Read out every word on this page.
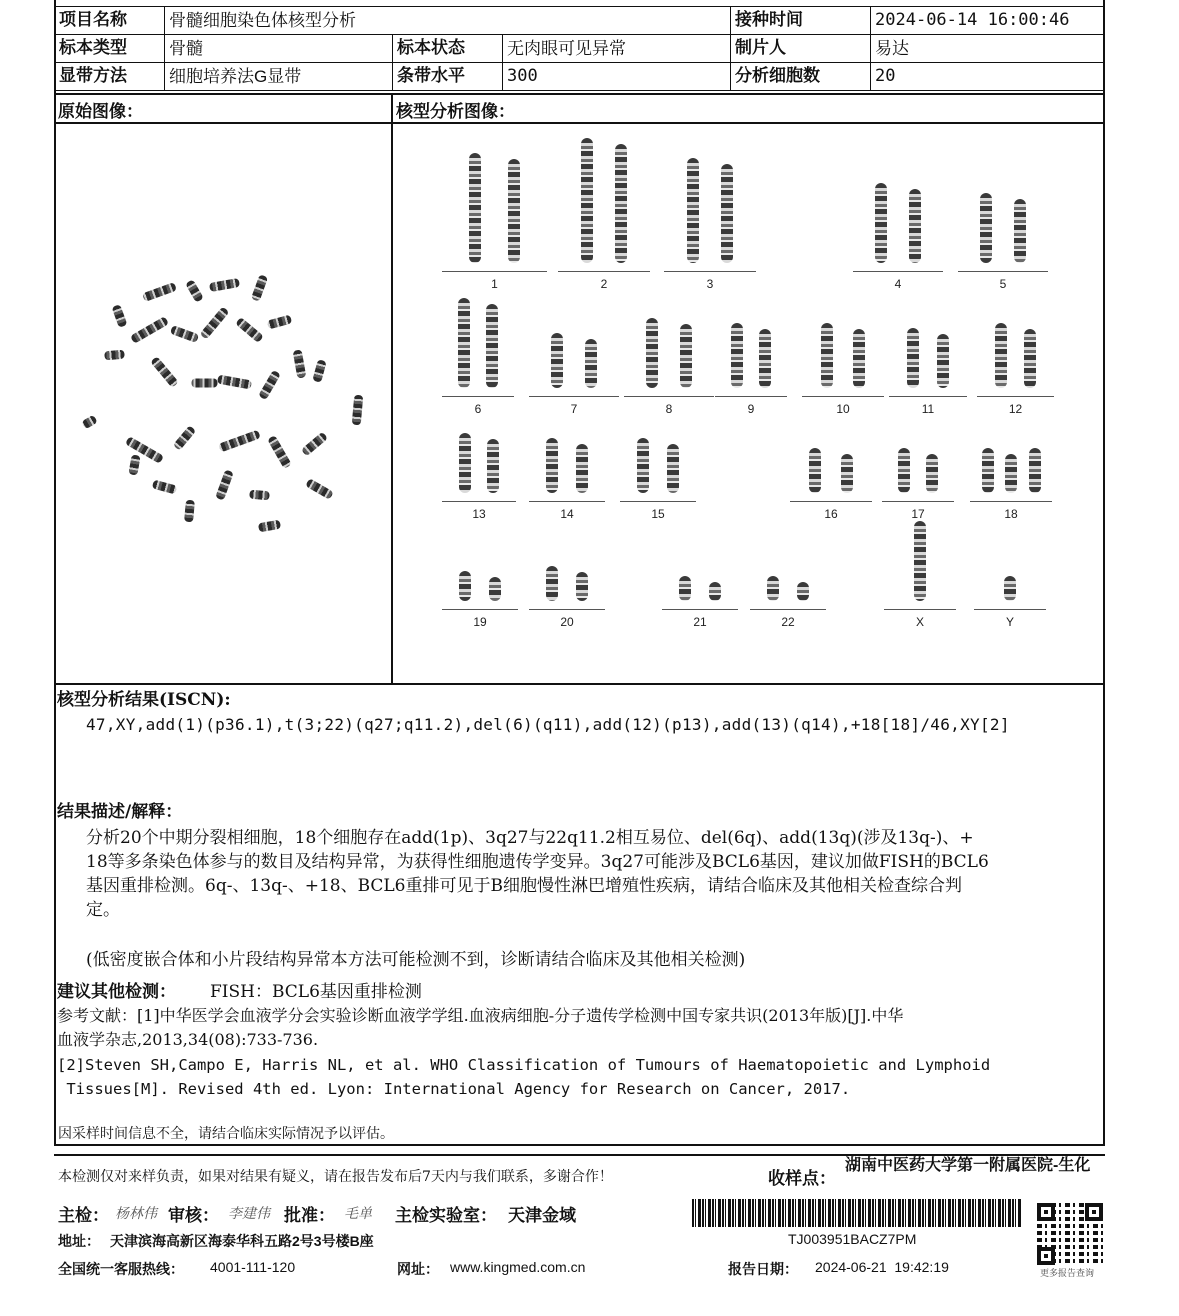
项目名称	骨髓细胞染色体核型分析			接种时间	2024-06-14 16:00:46
标本类型	骨髓	标本状态	无肉眼可见异常	制片人	易达
显带方法	细胞培养法G显带	条带水平	300	分析细胞数	20
原始图像：	核型分析图像：
1	2	3	4	5
6	7	8	9	10	11	12
13	14	15	16	17	18
19	20	21	22	X	Y
核型分析结果(ISCN):
47,XY,add(1)(p36.1),t(3;22)(q27;q11.2),del(6)(q11),add(12)(p13),add(13)(q14),+18[18]/46,XY[2]
结果描述/解释：
分析20个中期分裂相细胞，18个细胞存在add(1p)、3q27与22q11.2相互易位、del(6q)、add(13q)(涉及13q-)、+
18等多条染色体参与的数目及结构异常，为获得性细胞遗传学变异。3q27可能涉及BCL6基因，建议加做FISH的BCL6
基因重排检测。6q-、13q-、+18、BCL6重排可见于B细胞慢性淋巴增殖性疾病，请结合临床及其他相关检查综合判
定。
(低密度嵌合体和小片段结构异常本方法可能检测不到，诊断请结合临床及其他相关检测)
建议其他检测： FISH：BCL6基因重排检测
参考文献：[1]中华医学会血液学分会实验诊断血液学学组.血液病细胞-分子遗传学检测中国专家共识(2013年版)[J].中华
血液学杂志,2013,34(08):733-736.
[2]Steven SH,Campo E, Harris NL, et al. WHO Classification of Tumours of Haematopoietic and Lymphoid
Tissues[M]. Revised 4th ed. Lyon: International Agency for Research on Cancer, 2017.
因采样时间信息不全，请结合临床实际情况予以评估。
本检测仅对来样负责，如果对结果有疑义，请在报告发布后7天内与我们联系，多谢合作！	收样点：
湖南中医药大学第一附属医院-生化
主检： 杨林伟 审核： 李建伟 批准： 毛单 主检实验室： 天津金域
TJ003951BACZ7PM
更多报告查询
地址： 天津滨海高新区海泰华科五路2号3号楼B座
全国统一客服热线： 4001-111-120	网址： www.kingmed.com.cn	报告日期： 2024-06-21  19:42:19
